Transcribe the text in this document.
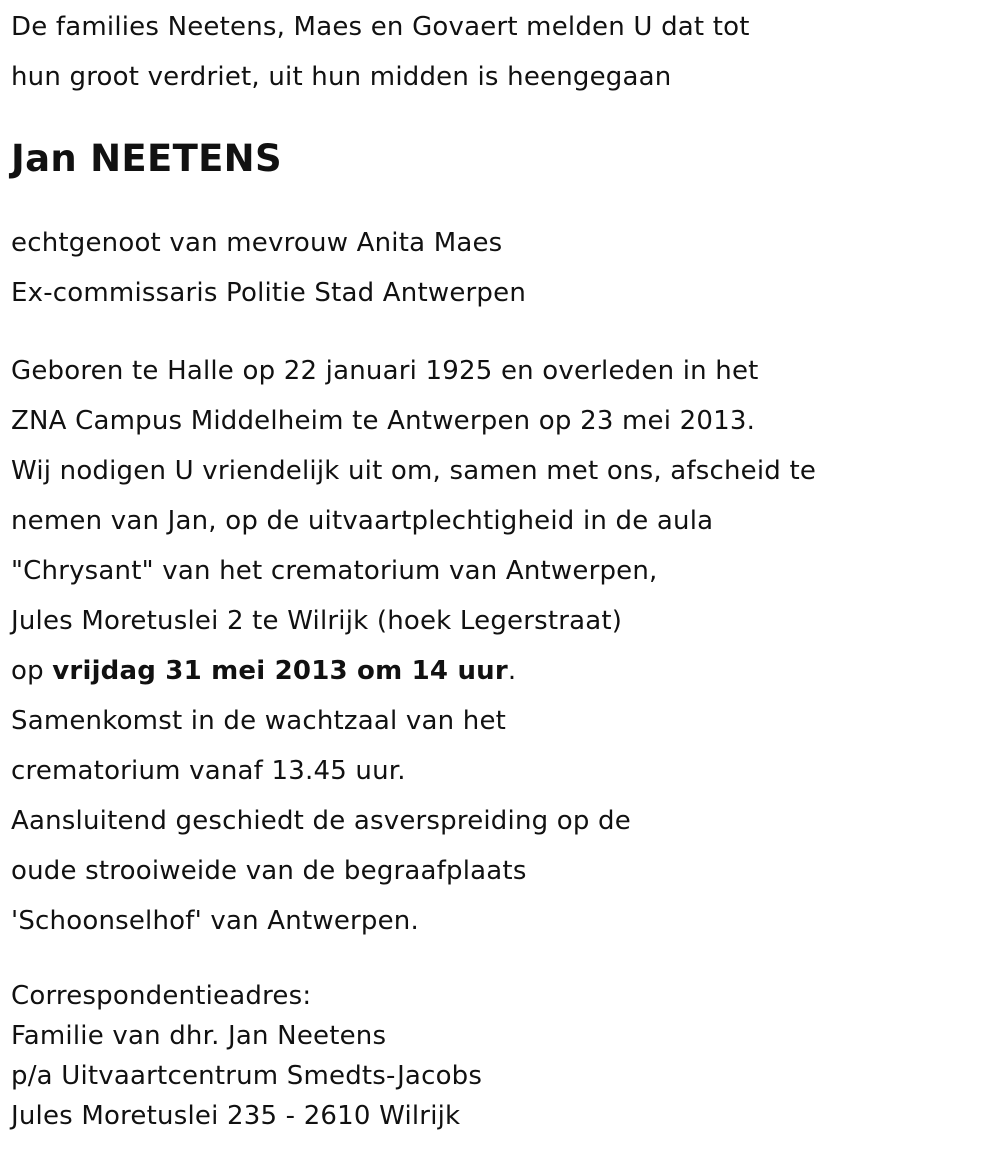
De families Neetens, Maes en Govaert melden U dat tot

hun groot verdriet, uit hun midden is heengegaan

Jan NEETENS

echtgenoot van mevrouw Anita Maes

Ex-commissaris Politie Stad Antwerpen

Geboren te Halle op 22 januari 1925 en overleden in het

ZNA Campus Middelheim te Antwerpen op 23 mei 2013.

Wij nodigen U vriendelijk uit om, samen met ons, afscheid te

nemen van Jan, op de uitvaartplechtigheid in de aula

"Chrysant" van het crematorium van Antwerpen,

Jules Moretuslei 2 te Wilrijk (hoek Legerstraat)

op vrijdag 31 mei 2013 om 14 uur.

Samenkomst in de wachtzaal van het

crematorium vanaf 13.45 uur.

Aansluitend geschiedt de asverspreiding op de

oude strooiweide van de begraafplaats

'Schoonselhof' van Antwerpen.

Correspondentieadres:

Familie van dhr. Jan Neetens

p/a Uitvaartcentrum Smedts-Jacobs

Jules Moretuslei 235 - 2610 Wilrijk
